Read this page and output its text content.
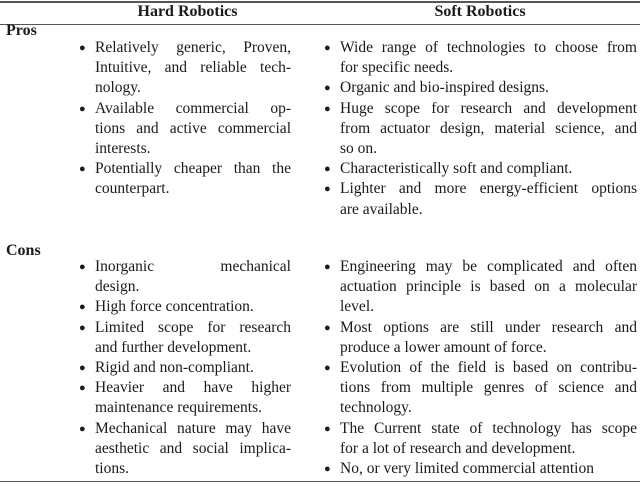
Hard Robotics	Soft Robotics
Pros
● Relatively generic, Proven,
Intuitive, and reliable tech-
nology.
● Available commercial op-
tions and active commercial
interests.
● Potentially cheaper than the
counterpart.
● Wide range of technologies to choose from
for specific needs.
● Organic and bio-inspired designs.
● Huge scope for research and development
from actuator design, material science, and
so on.
● Characteristically soft and compliant.
● Lighter and more energy-efficient options
are available.
Cons
● Inorganic mechanical
design.
● High force concentration.
● Limited scope for research
and further development.
● Rigid and non-compliant.
● Heavier and have higher
maintenance requirements.
● Mechanical nature may have
aesthetic and social implica-
tions.
● Engineering may be complicated and often
actuation principle is based on a molecular
level.
● Most options are still under research and
produce a lower amount of force.
● Evolution of the field is based on contribu-
tions from multiple genres of science and
technology.
● The Current state of technology has scope
for a lot of research and development.
● No, or very limited commercial attention
